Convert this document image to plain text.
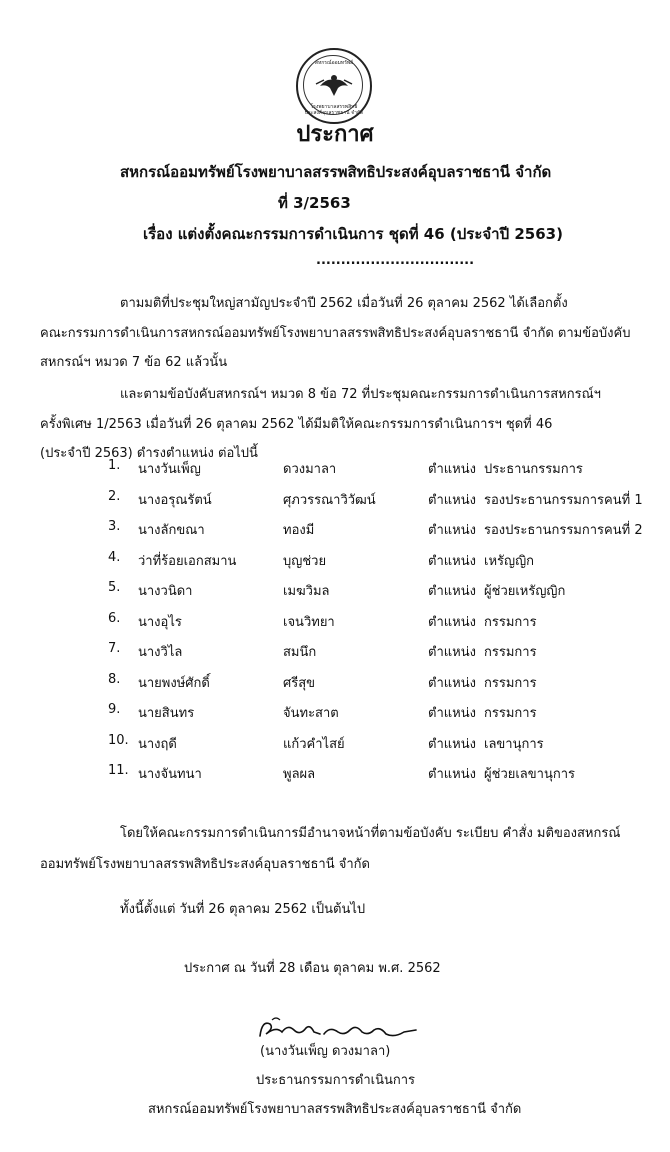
สหกรณ์ออมทรัพย์
โรงพยาบาลสรรพสิทธิประสงค์อุบลราชธานี จำกัด
ประกาศ
สหกรณ์ออมทรัพย์โรงพยาบาลสรรพสิทธิประสงค์อุบลราชธานี จำกัด
ที่ 3/2563
เรื่อง แต่งตั้งคณะกรรมการดำเนินการ ชุดที่ 46 (ประจำปี 2563)
................................
ตามมติที่ประชุมใหญ่สามัญประจำปี 2562 เมื่อวันที่ 26 ตุลาคม 2562 ได้เลือกตั้ง
คณะกรรมการดำเนินการสหกรณ์ออมทรัพย์โรงพยาบาลสรรพสิทธิประสงค์อุบลราชธานี จำกัด ตามข้อบังคับ
สหกรณ์ฯ หมวด 7 ข้อ 62 แล้วนั้น
และตามข้อบังคับสหกรณ์ฯ หมวด 8 ข้อ 72 ที่ประชุมคณะกรรมการดำเนินการสหกรณ์ฯ
ครั้งพิเศษ 1/2563 เมื่อวันที่ 26 ตุลาคม 2562 ได้มีมติให้คณะกรรมการดำเนินการฯ ชุดที่ 46
(ประจำปี 2563) ดำรงตำแหน่ง ต่อไปนี้
1. นางวันเพ็ญ	ดวงมาลา	ตำแหน่ง ประธานกรรมการ
2. นางอรุณรัตน์	ศุภวรรณาวิวัฒน์	ตำแหน่ง รองประธานกรรมการคนที่ 1
3. นางลักขณา	ทองมี	ตำแหน่ง รองประธานกรรมการคนที่ 2
4. ว่าที่ร้อยเอกสมาน	บุญช่วย	ตำแหน่ง เหรัญญิก
5. นางวนิดา	เมฆวิมล	ตำแหน่ง ผู้ช่วยเหรัญญิก
6. นางอุไร	เจนวิทยา	ตำแหน่ง กรรมการ
7. นางวิไล	สมนึก	ตำแหน่ง กรรมการ
8. นายพงษ์ศักดิ์	ศรีสุข	ตำแหน่ง กรรมการ
9. นายสินทร	จันทะสาต	ตำแหน่ง กรรมการ
10. นางฤดี	แก้วคำไสย์	ตำแหน่ง เลขานุการ
11. นางจันทนา	พูลผล	ตำแหน่ง ผู้ช่วยเลขานุการ
โดยให้คณะกรรมการดำเนินการมีอำนาจหน้าที่ตามข้อบังคับ ระเบียบ คำสั่ง มติของสหกรณ์
ออมทรัพย์โรงพยาบาลสรรพสิทธิประสงค์อุบลราชธานี จำกัด
ทั้งนี้ตั้งแต่ วันที่ 26 ตุลาคม 2562 เป็นต้นไป
ประกาศ ณ วันที่ 28 เดือน ตุลาคม พ.ศ. 2562
(นางวันเพ็ญ ดวงมาลา)
ประธานกรรมการดำเนินการ
สหกรณ์ออมทรัพย์โรงพยาบาลสรรพสิทธิประสงค์อุบลราชธานี จำกัด
